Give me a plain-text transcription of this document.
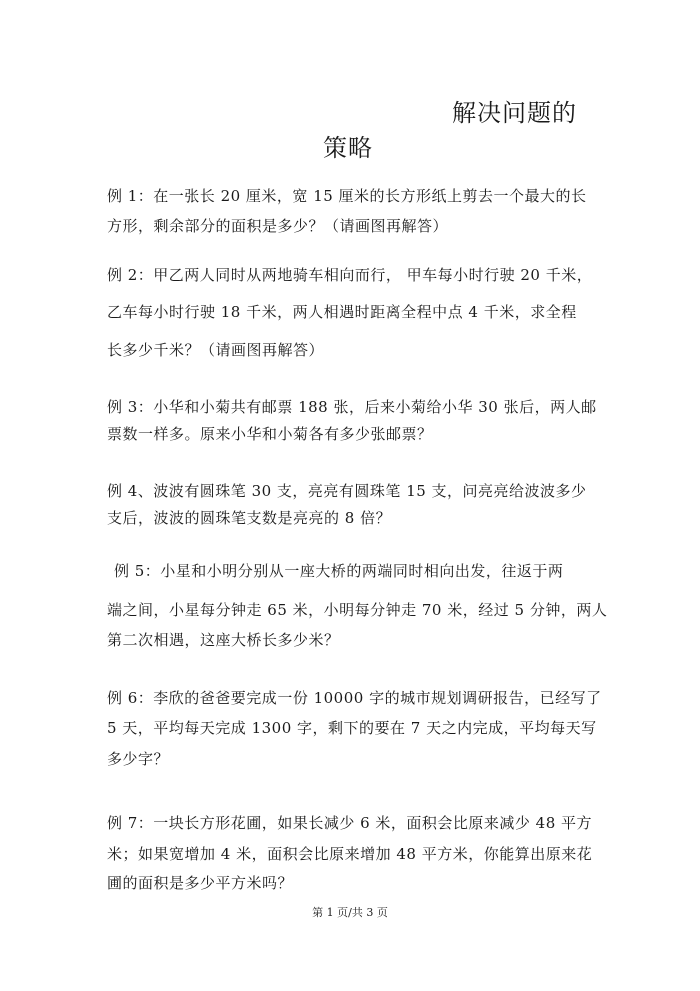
解决问题的
策略
例 1：在一张长 20 厘米，宽 15 厘米的长方形纸上剪去一个最大的长
方形，剩余部分的面积是多少？（请画图再解答）
例 2：甲乙两人同时从两地骑车相向而行， 甲车每小时行驶 20 千米，
乙车每小时行驶 18 千米，两人相遇时距离全程中点 4 千米，求全程
长多少千米？（请画图再解答）
例 3：小华和小菊共有邮票 188 张，后来小菊给小华 30 张后，两人邮
票数一样多。原来小华和小菊各有多少张邮票？
例 4、波波有圆珠笔 30 支，亮亮有圆珠笔 15 支，问亮亮给波波多少
支后，波波的圆珠笔支数是亮亮的 8 倍？
例 5：小星和小明分别从一座大桥的两端同时相向出发，往返于两
端之间，小星每分钟走 65 米，小明每分钟走 70 米，经过 5 分钟，两人
第二次相遇，这座大桥长多少米？
例 6：李欣的爸爸要完成一份 10000 字的城市规划调研报告，已经写了
5 天，平均每天完成 1300 字，剩下的要在 7 天之内完成，平均每天写
多少字？
例 7：一块长方形花圃，如果长减少 6 米，面积会比原来减少 48 平方
米；如果宽增加 4 米，面积会比原来增加 48 平方米，你能算出原来花
圃的面积是多少平方米吗？
第 1 页/共 3 页
